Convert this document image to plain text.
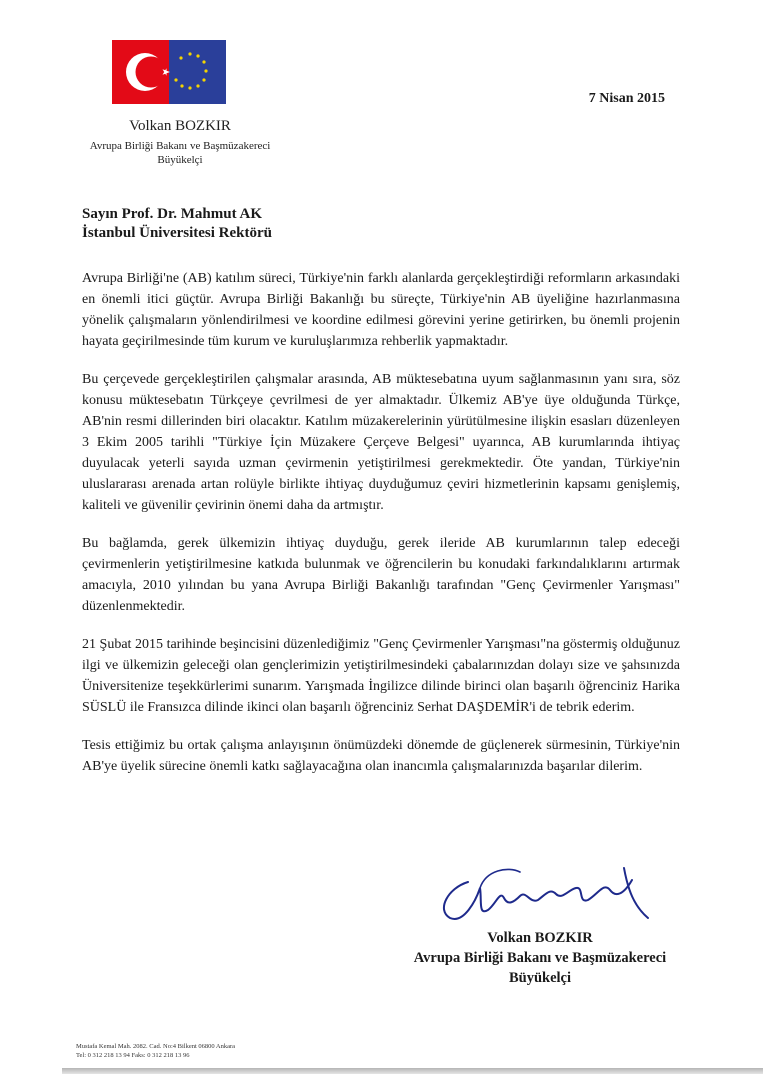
Volkan BOZKIR
Avrupa Birliği Bakanı ve Başmüzakereci
Büyükelçi
7 Nisan 2015
Sayın Prof. Dr. Mahmut AK
İstanbul Üniversitesi Rektörü

Avrupa Birliği'ne (AB) katılım süreci, Türkiye'nin farklı alanlarda gerçekleştirdiği reformların arkasındaki en önemli itici güçtür. Avrupa Birliği Bakanlığı bu süreçte, Türkiye'nin AB üyeliğine hazırlanmasına yönelik çalışmaların yönlendirilmesi ve koordine edilmesi görevini yerine getirirken, bu önemli projenin hayata geçirilmesinde tüm kurum ve kuruluşlarımıza rehberlik yapmaktadır.

Bu çerçevede gerçekleştirilen çalışmalar arasında, AB müktesebatına uyum sağlanmasının yanı sıra, söz konusu müktesebatın Türkçeye çevrilmesi de yer almaktadır. Ülkemiz AB'ye üye olduğunda Türkçe, AB'nin resmi dillerinden biri olacaktır. Katılım müzakerelerinin yürütülmesine ilişkin esasları düzenleyen 3 Ekim 2005 tarihli "Türkiye İçin Müzakere Çerçeve Belgesi" uyarınca, AB kurumlarında ihtiyaç duyulacak yeterli sayıda uzman çevirmenin yetiştirilmesi gerekmektedir. Öte yandan, Türkiye'nin uluslararası arenada artan rolüyle birlikte ihtiyaç duyduğumuz çeviri hizmetlerinin kapsamı genişlemiş, kaliteli ve güvenilir çevirinin önemi daha da artmıştır.

Bu bağlamda, gerek ülkemizin ihtiyaç duyduğu, gerek ileride AB kurumlarının talep edeceği çevirmenlerin yetiştirilmesine katkıda bulunmak ve öğrencilerin bu konudaki farkındalıklarını artırmak amacıyla, 2010 yılından bu yana Avrupa Birliği Bakanlığı tarafından "Genç Çevirmenler Yarışması" düzenlenmektedir.

21 Şubat 2015 tarihinde beşincisini düzenlediğimiz "Genç Çevirmenler Yarışması"na göstermiş olduğunuz ilgi ve ülkemizin geleceği olan gençlerimizin yetiştirilmesindeki çabalarınızdan dolayı size ve şahsınızda Üniversitenize teşekkürlerimi sunarım. Yarışmada İngilizce dilinde birinci olan başarılı öğrenciniz Harika SÜSLÜ ile Fransızca dilinde ikinci olan başarılı öğrenciniz Serhat DAŞDEMİR'i de tebrik ederim.

Tesis ettiğimiz bu ortak çalışma anlayışının önümüzdeki dönemde de güçlenerek sürmesinin, Türkiye'nin AB'ye üyelik sürecine önemli katkı sağlayacağına olan inancımla çalışmalarınızda başarılar dilerim.

Volkan BOZKIR
Avrupa Birliği Bakanı ve Başmüzakereci
Büyükelçi
Mustafa Kemal Mah. 2082. Cad. No:4 Bilkent 06800 Ankara
Tel: 0 312 218 13 94 Faks: 0 312 218 13 96
